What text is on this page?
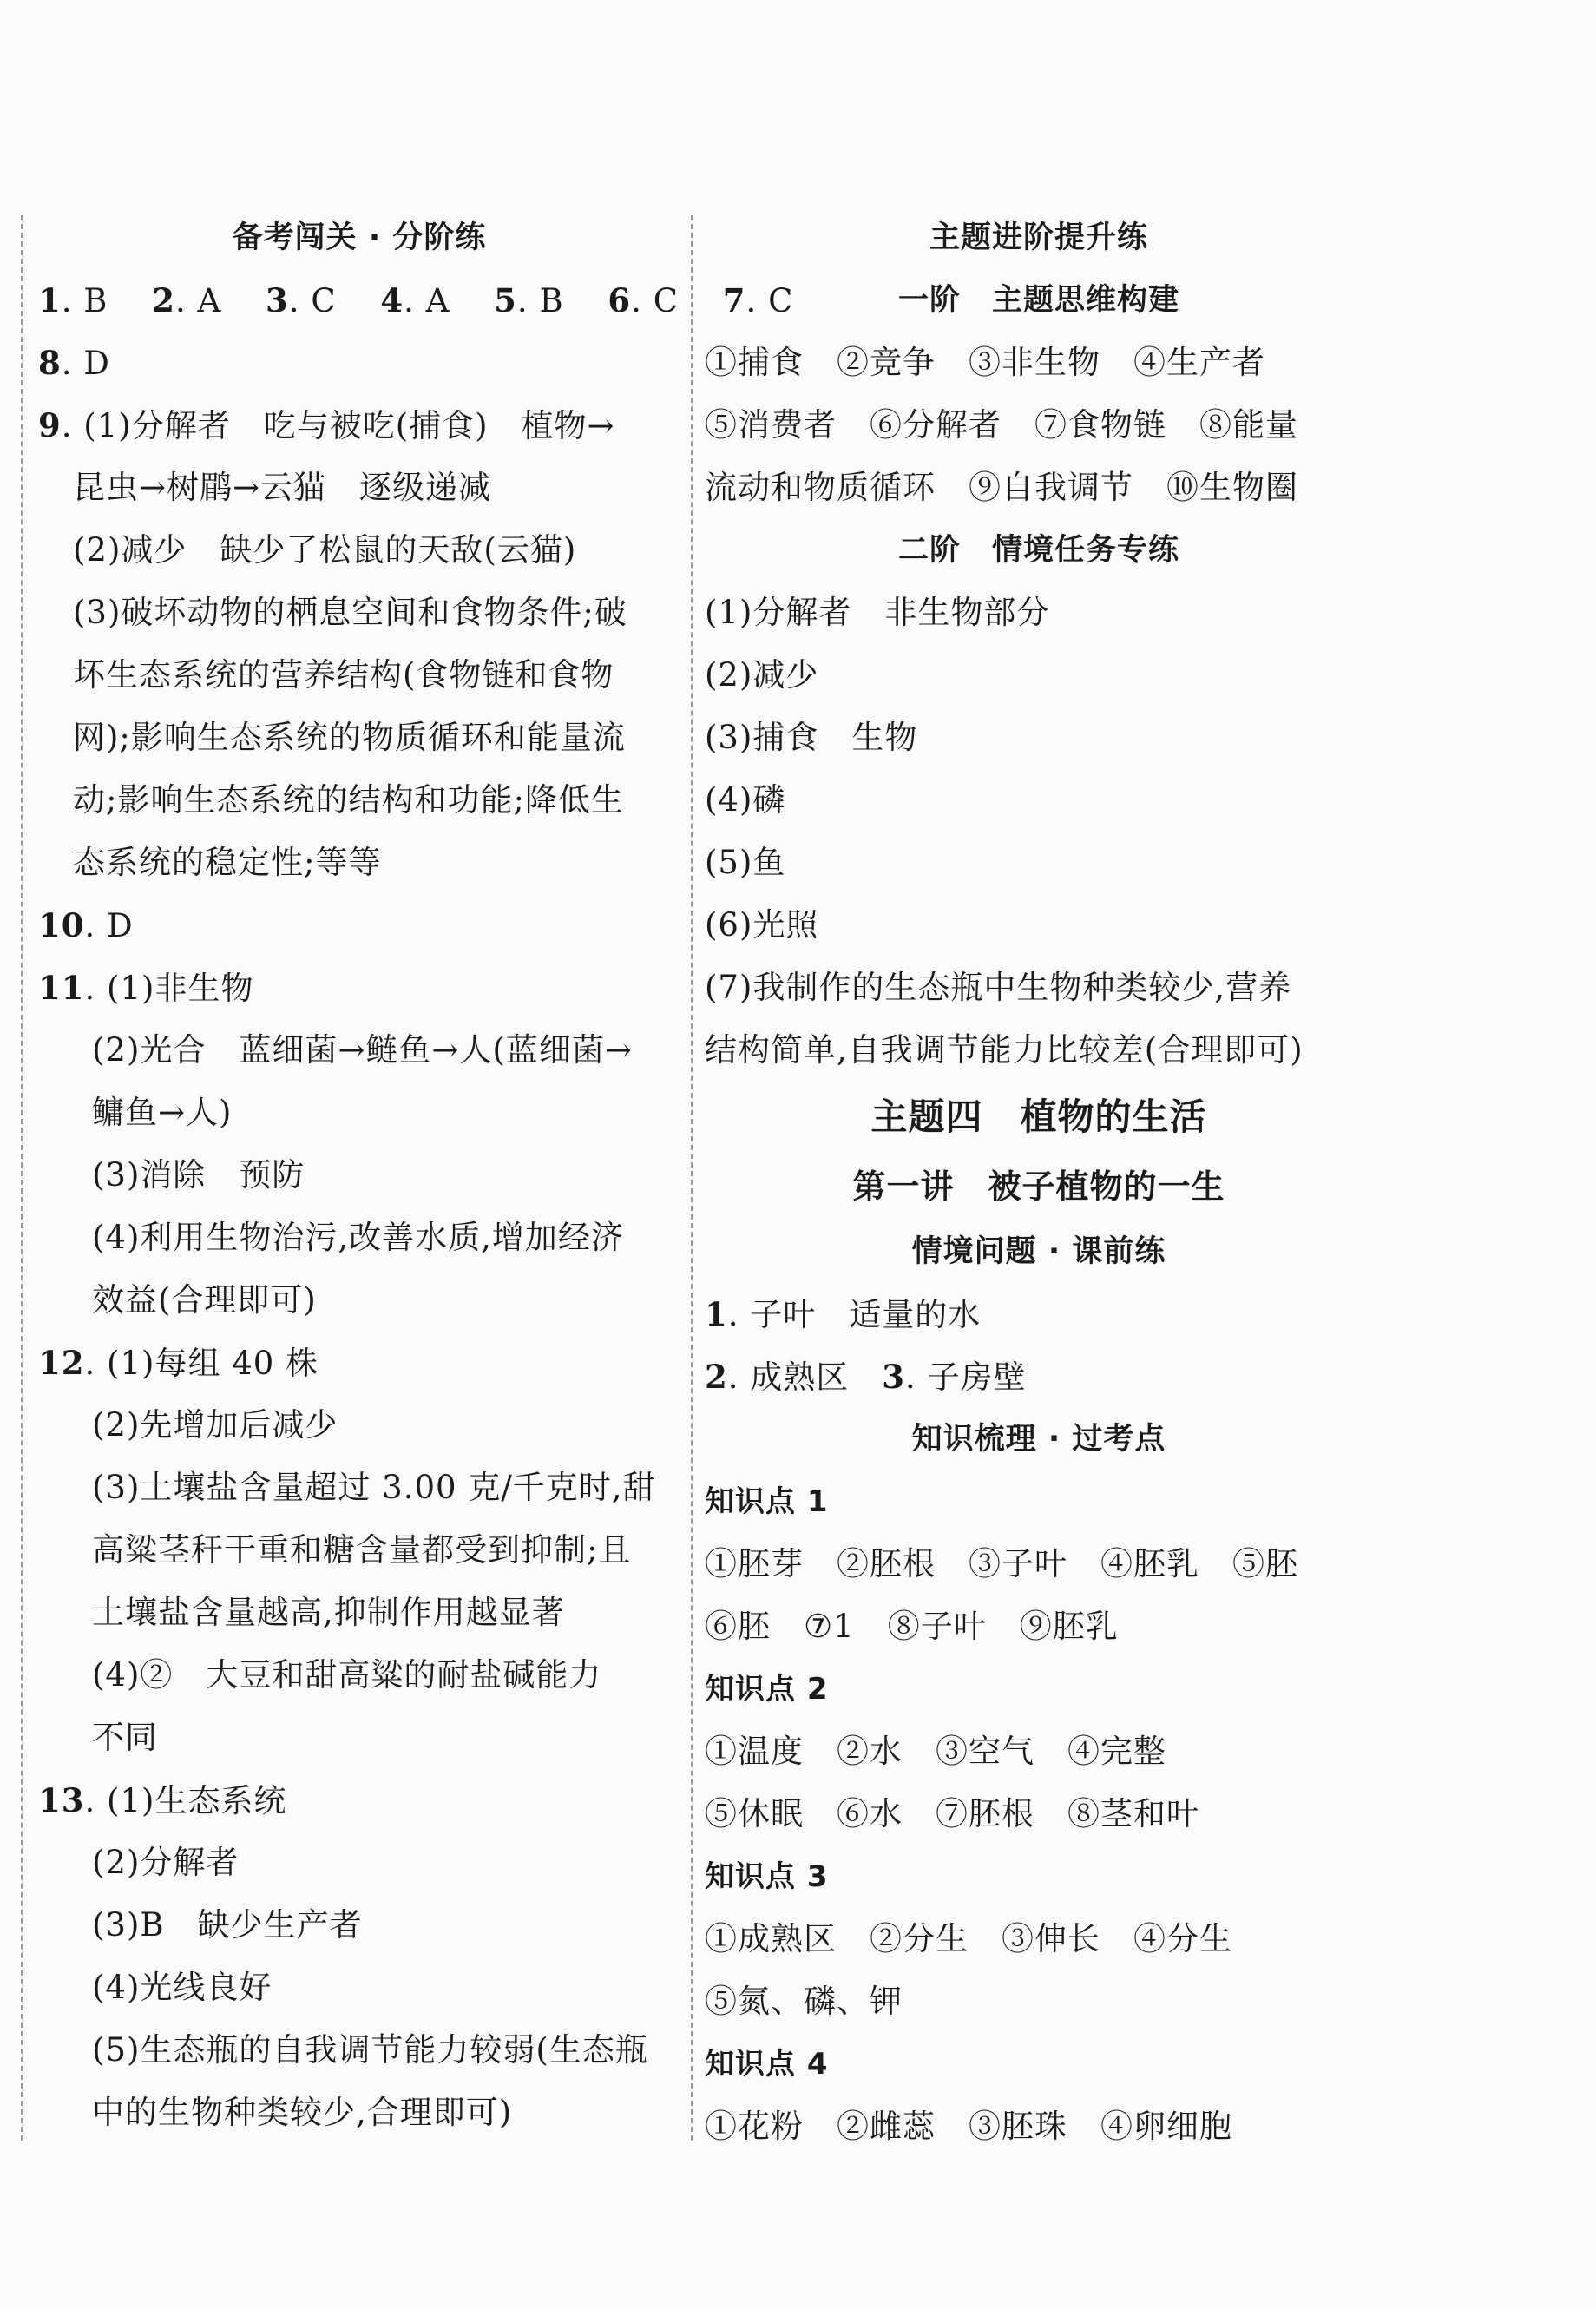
备考闯关 · 分阶练
1. B 2. A 3. C 4. A 5. B 6. C 7. C
8. D
9. (1)分解者　吃与被吃(捕食)　植物→
昆虫→树鹛→云猫　逐级递减
(2)减少　缺少了松鼠的天敌(云猫)
(3)破坏动物的栖息空间和食物条件;破
坏生态系统的营养结构(食物链和食物
网);影响生态系统的物质循环和能量流
动;影响生态系统的结构和功能;降低生
态系统的稳定性;等等
10. D
11. (1)非生物
(2)光合　蓝细菌→鲢鱼→人(蓝细菌→
鳙鱼→人)
(3)消除　预防
(4)利用生物治污,改善水质,增加经济
效益(合理即可)
12. (1)每组 40 株
(2)先增加后减少
(3)土壤盐含量超过 3.00 克/千克时,甜
高粱茎秆干重和糖含量都受到抑制;且
土壤盐含量越高,抑制作用越显著
(4)②　大豆和甜高粱的耐盐碱能力
不同
13. (1)生态系统
(2)分解者
(3)B　缺少生产者
(4)光线良好
(5)生态瓶的自我调节能力较弱(生态瓶
中的生物种类较少,合理即可)
主题进阶提升练
一阶　主题思维构建
①捕食 ②竞争 ③非生物 ④生产者
⑤消费者 ⑥分解者 ⑦食物链 ⑧能量
流动和物质循环 ⑨自我调节 ⑩生物圈
二阶　情境任务专练
(1)分解者　非生物部分
(2)减少
(3)捕食　生物
(4)磷
(5)鱼
(6)光照
(7)我制作的生态瓶中生物种类较少,营养
结构简单,自我调节能力比较差(合理即可)
主题四　植物的生活
第一讲　被子植物的一生
情境问题 · 课前练
1. 子叶　适量的水
2. 成熟区 3. 子房壁
知识梳理 · 过考点
知识点 1
①胚芽 ②胚根 ③子叶 ④胚乳 ⑤胚
⑥胚 ⑦1 ⑧子叶 ⑨胚乳
知识点 2
①温度 ②水 ③空气 ④完整
⑤休眠 ⑥水 ⑦胚根 ⑧茎和叶
知识点 3
①成熟区 ②分生 ③伸长 ④分生
⑤氮、磷、钾
知识点 4
①花粉 ②雌蕊 ③胚珠 ④卵细胞
